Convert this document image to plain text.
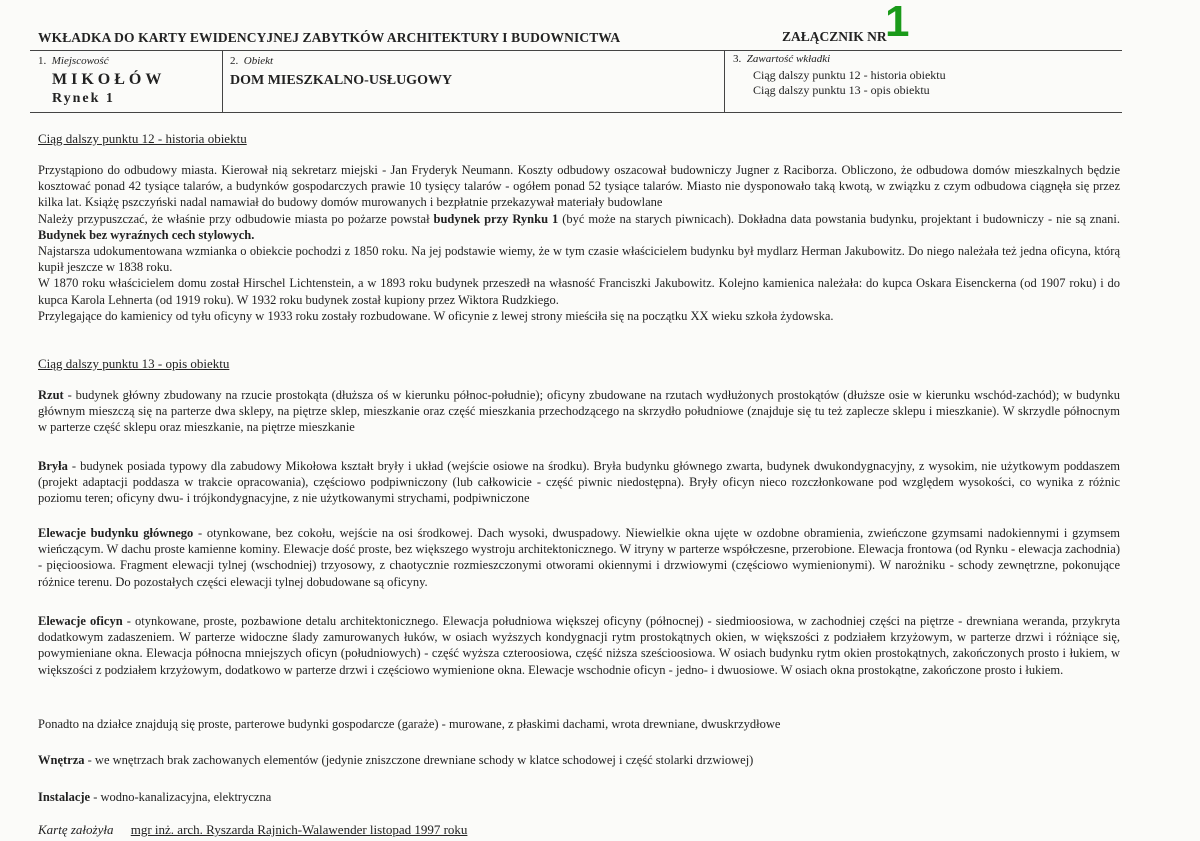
WKŁADKA DO KARTY EWIDENCYJNEJ ZABYTKÓW ARCHITEKTURY I BUDOWNICTWA	ZAŁĄCZNIK NR
1
1. Miejscowość
MIKOŁÓW
Rynek 1
2. Obiekt
DOM MIESZKALNO-USŁUGOWY
3. Zawartość wkładki
Ciąg dalszy punktu 12 - historia obiektu
Ciąg dalszy punktu 13 - opis obiektu
Ciąg dalszy punktu 12 - historia obiektu

Przystąpiono do odbudowy miasta. Kierował nią sekretarz miejski - Jan Fryderyk Neumann. Koszty odbudowy oszacował budowniczy Jugner z Raciborza. Obliczono, że odbudowa domów mieszkalnych będzie kosztować ponad 42 tysiące talarów, a budynków gospodarczych prawie 10 tysięcy talarów - ogółem ponad 52 tysiące talarów. Miasto nie dysponowało taką kwotą, w związku z czym odbudowa ciągnęła się przez kilka lat. Książę pszczyński nadal namawiał do budowy domów murowanych i bezpłatnie przekazywał materiały budowlane

Należy przypuszczać, że właśnie przy odbudowie miasta po pożarze powstał budynek przy Rynku 1 (być może na starych piwnicach). Dokładna data powstania budynku, projektant i budowniczy - nie są znani. Budynek bez wyraźnych cech stylowych.

Najstarsza udokumentowana wzmianka o obiekcie pochodzi z 1850 roku. Na jej podstawie wiemy, że w tym czasie właścicielem budynku był mydlarz Herman Jakubowitz. Do niego należała też jedna oficyna, którą kupił jeszcze w 1838 roku.

W 1870 roku właścicielem domu został Hirschel Lichtenstein, a w 1893 roku budynek przeszedł na własność Franciszki Jakubowitz. Kolejno kamienica należała: do kupca Oskara Eisenckerna (od 1907 roku) i do kupca Karola Lehnerta (od 1919 roku). W 1932 roku budynek został kupiony przez Wiktora Rudzkiego.

Przylegające do kamienicy od tyłu oficyny w 1933 roku zostały rozbudowane. W oficynie z lewej strony mieściła się na początku XX wieku szkoła żydowska.

Ciąg dalszy punktu 13 - opis obiektu

Rzut - budynek główny zbudowany na rzucie prostokąta (dłuższa oś w kierunku północ-południe); oficyny zbudowane na rzutach wydłużonych prostokątów (dłuższe osie w kierunku wschód-zachód); w budynku głównym mieszczą się na parterze dwa sklepy, na piętrze sklep, mieszkanie oraz część mieszkania przechodzącego na skrzydło południowe (znajduje się tu też zaplecze sklepu i mieszkanie). W skrzydle północnym w parterze część sklepu oraz mieszkanie, na piętrze mieszkanie

Bryła - budynek posiada typowy dla zabudowy Mikołowa kształt bryły i układ (wejście osiowe na środku). Bryła budynku głównego zwarta, budynek dwukondygnacyjny, z wysokim, nie użytkowym poddaszem (projekt adaptacji poddasza w trakcie opracowania), częściowo podpiwniczony (lub całkowicie - część piwnic niedostępna). Bryły oficyn nieco rozczłonkowane pod względem wysokości, co wynika z różnic poziomu teren; oficyny dwu- i trójkondygnacyjne, z nie użytkowanymi strychami, podpiwniczone

Elewacje budynku głównego - otynkowane, bez cokołu, wejście na osi środkowej. Dach wysoki, dwuspadowy. Niewielkie okna ujęte w ozdobne obramienia, zwieńczone gzymsami nadokiennymi i gzymsem wieńczącym. W dachu proste kamienne kominy. Elewacje dość proste, bez większego wystroju architektonicznego. W itryny w parterze współczesne, przerobione. Elewacja frontowa (od Rynku - elewacja zachodnia) - pięcioosiowa. Fragment elewacji tylnej (wschodniej) trzyosowy, z chaotycznie rozmieszczonymi otworami okiennymi i drzwiowymi (częściowo wymienionymi). W narożniku - schody zewnętrzne, pokonujące różnice terenu. Do pozostałych części elewacji tylnej dobudowane są oficyny.

Elewacje oficyn - otynkowane, proste, pozbawione detalu architektonicznego. Elewacja południowa większej oficyny (północnej) - siedmioosiowa, w zachodniej części na piętrze - drewniana weranda, przykryta dodatkowym zadaszeniem. W parterze widoczne ślady zamurowanych łuków, w osiach wyższych kondygnacji rytm prostokątnych okien, w większości z podziałem krzyżowym, w parterze drzwi i różniące się, powymieniane okna. Elewacja północna mniejszych oficyn (południowych) - część wyższa czteroosiowa, część niższa sześcioosiowa. W osiach budynku rytm okien prostokątnych, zakończonych prosto i łukiem, w większości z podziałem krzyżowym, dodatkowo w parterze drzwi i częściowo wymienione okna. Elewacje wschodnie oficyn - jedno- i dwuosiowe. W osiach okna prostokątne, zakończone prosto i łukiem.

Ponadto na działce znajdują się proste, parterowe budynki gospodarcze (garaże) - murowane, z płaskimi dachami, wrota drewniane, dwuskrzydłowe

Wnętrza - we wnętrzach brak zachowanych elementów (jedynie zniszczone drewniane schody w klatce schodowej i część stolarki drzwiowej)

Instalacje - wodno-kanalizacyjna, elektryczna

Kartę założyła mgr inż. arch. Ryszarda Rajnich-Walawender listopad 1997 roku
